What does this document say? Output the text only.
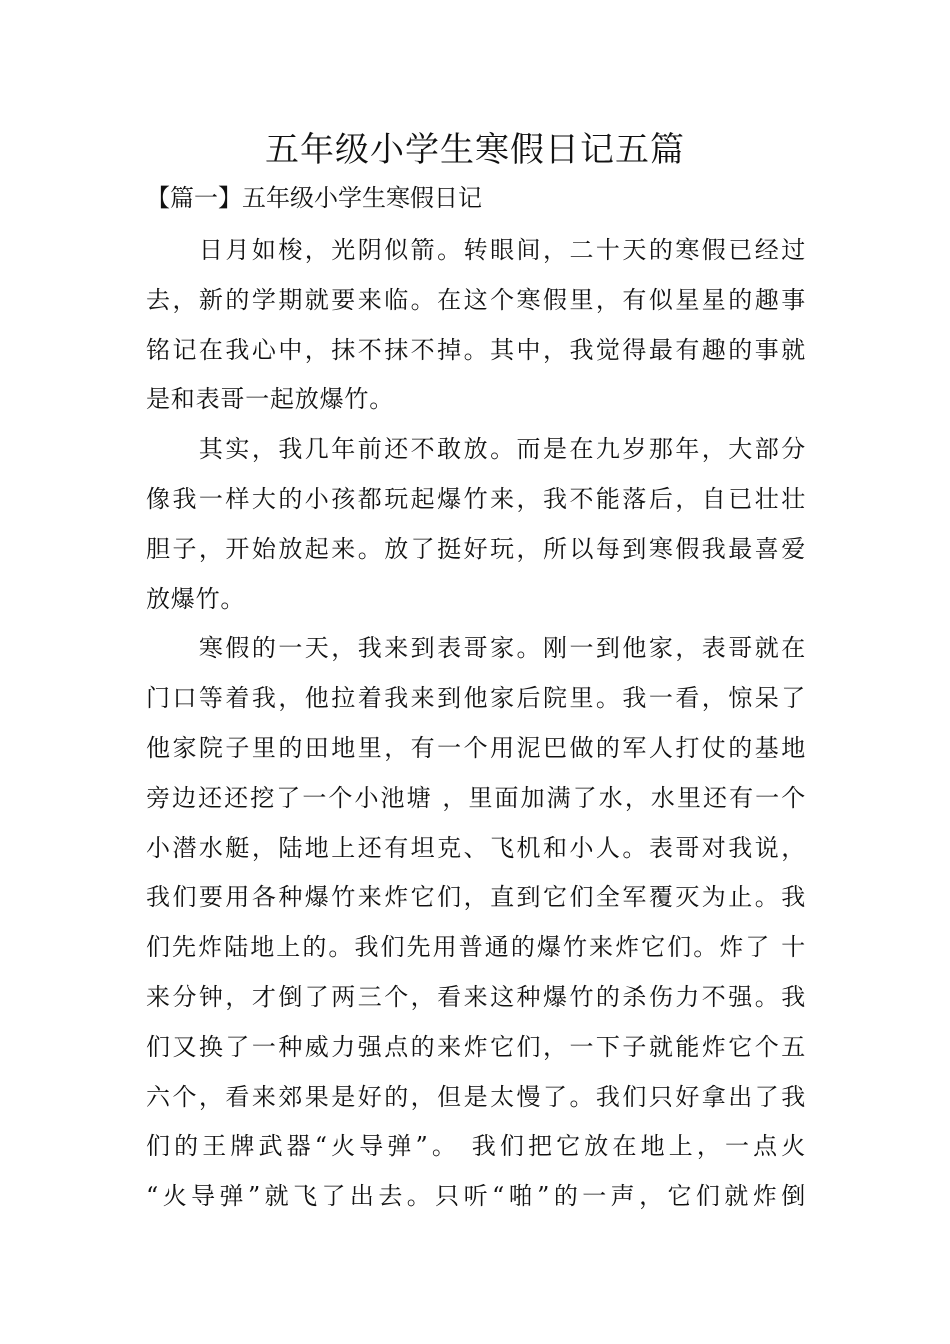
五年级小学生寒假日记五篇
【篇一】五年级小学生寒假日记

　　日月如梭，光阴似箭。转眼间，二十天的寒假已经过
去，新的学期就要来临。在这个寒假里，有似星星的趣事
铭记在我心中，抹不抹不掉。其中，我觉得最有趣的事就
是和表哥一起放爆竹。

　　其实，我几年前还不敢放。而是在九岁那年，大部分
像我一样大的小孩都玩起爆竹来，我不能落后，自已壮壮
胆子，开始放起来。放了挺好玩，所以每到寒假我最喜爱
放爆竹。

　　寒假的一天，我来到表哥家。刚一到他家，表哥就在
门口等着我，他拉着我来到他家后院里。我一看，惊呆了
他家院子里的田地里，有一个用泥巴做的军人打仗的基地
旁边还还挖了一个小池塘 ，里面加满了水，水里还有一个
小潜水艇，陆地上还有坦克、飞机和小人。表哥对我说，
我们要用各种爆竹来炸它们，直到它们全军覆灭为止。我
们先炸陆地上的。我们先用普通的爆竹来炸它们。炸了 十
来分钟，才倒了两三个，看来这种爆竹的杀伤力不强。我
们又换了一种威力强点的来炸它们，一下子就能炸它个五
六个，看来郊果是好的，但是太慢了。我们只好拿出了我
们的王牌武器“火导弹”。 我们把它放在地上，一点火
“火导弹”就飞了出去。只听“啪”的一声，它们就炸倒
